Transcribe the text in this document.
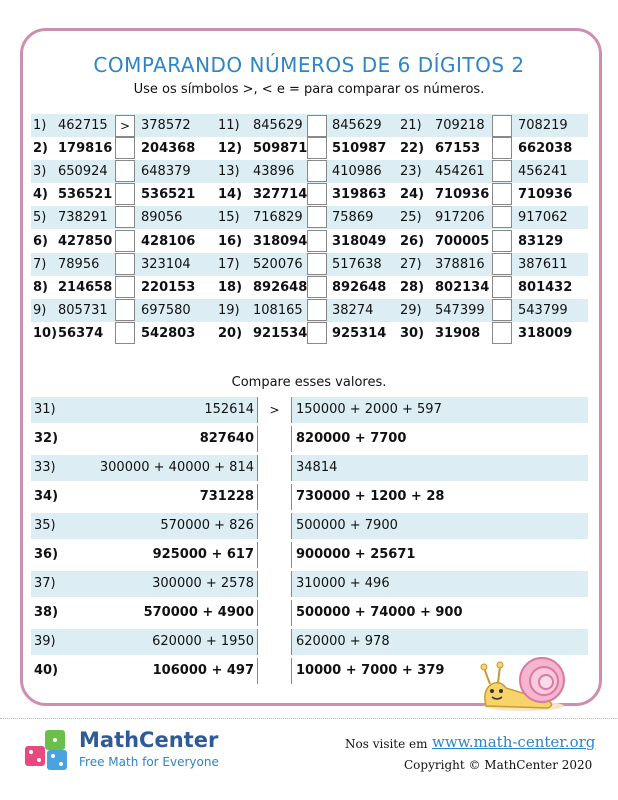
COMPARANDO NÚMEROS DE 6 DÍGITOS 2
Use os símbolos >, < e = para comparar os números.
1) 462715	> 378572 11) 845629 845629 21) 709218	708219
2) 179816 204368 12) 509871 510987 22) 67153	662038
3) 650924	648379 13) 43896	410986 23) 454261	456241
4) 536521 536521 14) 327714 319863 24) 710936 710936
5) 738291	89056	15) 716829 75869 25) 917206	917062
6) 427850 428106 16) 318094 318049 26) 700005 83129
7) 78956	323104 17) 520076 517638 27) 378816	387611
8) 214658 220153 18) 892648 892648 28) 802134 801432
9) 805731	697580 19) 108165 38274 29) 547399	543799
10) 56374	542803 20) 921534 925314 30) 31908	318009
Compare esses valores.
31)	152614	>	150000 + 2000 + 597
32)	827640	820000 + 7700
33)	300000 + 40000 + 814	34814
34)	731228	730000 + 1200 + 28
35)	570000 + 826	500000 + 7900
36)	925000 + 617	900000 + 25671
37)	300000 + 2578	310000 + 496
38)	570000 + 4900	500000 + 74000 + 900
39)	620000 + 1950	620000 + 978
40)	106000 + 497	10000 + 7000 + 379
MathCenter
Free Math for Everyone
Nos visite em www.math-center.org
Copyright © MathCenter 2020
